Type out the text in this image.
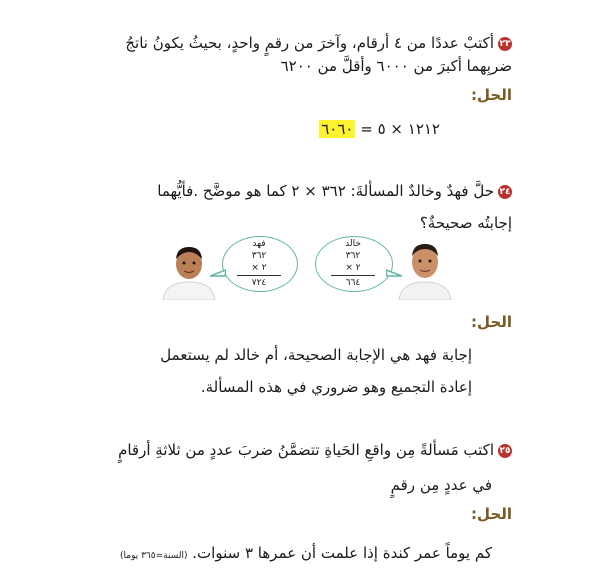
٢٣أكتبْ عددًا من ٤ أرقام، وآخرَ من رقمٍ واحدٍ، بحيثُ يكونُ ناتجُ
ضربِهما أكبرَ من ٦٠٠٠ وأقلَّ من ٦٢٠٠
الحل:
١٢١٢ × ٥ = ٦٠٦٠
٢٤حلَّ فهدٌ وخالدٌ المسألةَ: ٣٦٢ × ٢ كما هو موضَّح .فأيُّهما
إجابتُه صحيحةٌ؟
خالد
٣٦٢
× ٢
٦٦٤
فهد
٣٦٢
× ٢
٧٢٤
الحل:
إجابة فهد هي الإجابة الصحيحة، أم خالد لم يستعمل
إعادة التجميع وهو ضروري في هذه المسألة.
٢٥اكتب مَسألةً مِن واقعِ الحَياةِ تتضمَّنُ ضربَ عددٍ من ثلاثةِ أرقامٍ
في عددٍ مِن رقمٍ
الحل:
كم يوماً عمر كندة إذا علمت أن عمرها ٣ سنوات. (السنة=٣٦٥ يوما)
